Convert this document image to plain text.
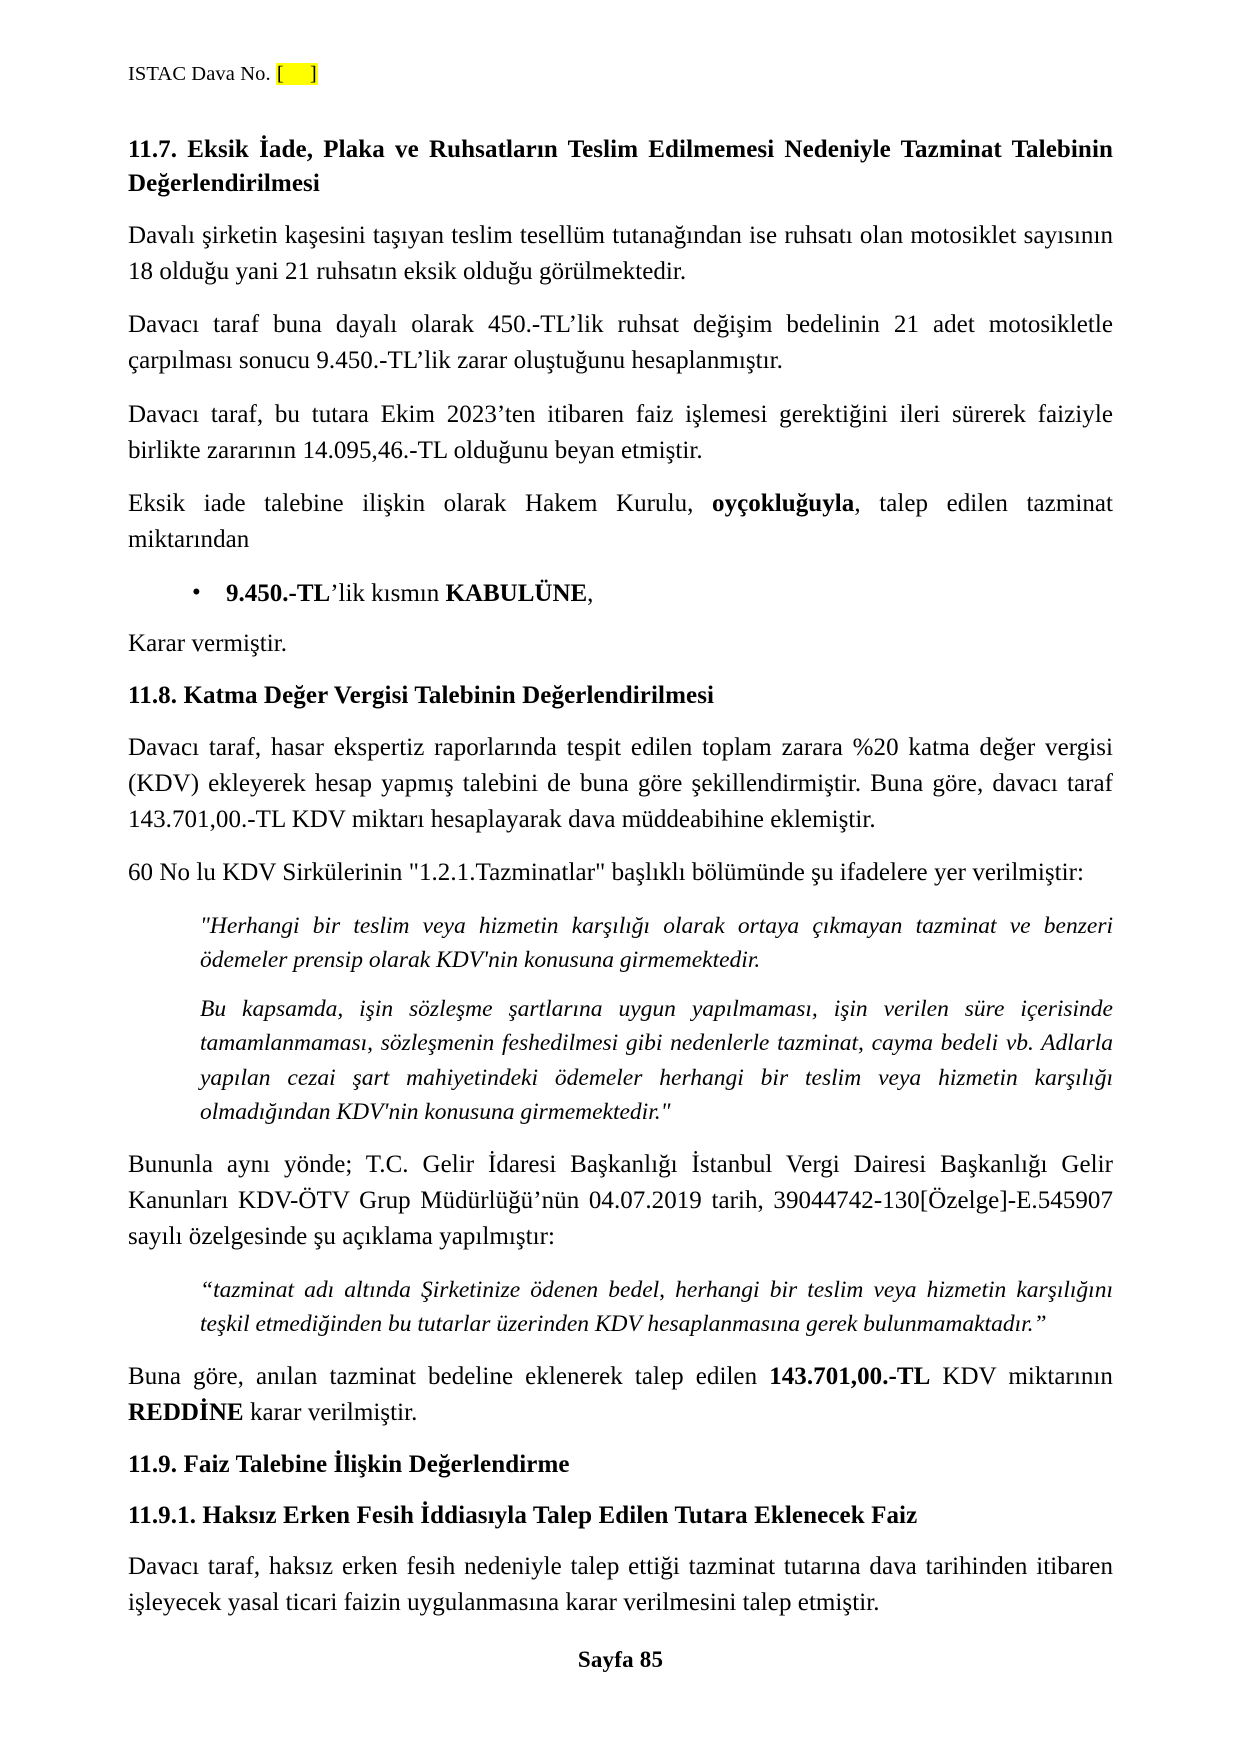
ISTAC Dava No. [ ]
11.7. Eksik İade, Plaka ve Ruhsatların Teslim Edilmemesi Nedeniyle Tazminat Talebinin Değerlendirilmesi

Davalı şirketin kaşesini taşıyan teslim tesellüm tutanağından ise ruhsatı olan motosiklet sayısının 18 olduğu yani 21 ruhsatın eksik olduğu görülmektedir.

Davacı taraf buna dayalı olarak 450.-TL’lik ruhsat değişim bedelinin 21 adet motosikletle çarpılması sonucu 9.450.-TL’lik zarar oluştuğunu hesaplanmıştır.

Davacı taraf, bu tutara Ekim 2023’ten itibaren faiz işlemesi gerektiğini ileri sürerek faiziyle birlikte zararının 14.095,46.-TL olduğunu beyan etmiştir.

Eksik iade talebine ilişkin olarak Hakem Kurulu, oyçokluğuyla, talep edilen tazminat miktarından

• 9.450.-TL’lik kısmın KABULÜNE,

Karar vermiştir.

11.8. Katma Değer Vergisi Talebinin Değerlendirilmesi

Davacı taraf, hasar ekspertiz raporlarında tespit edilen toplam zarara %20 katma değer vergisi (KDV) ekleyerek hesap yapmış talebini de buna göre şekillendirmiştir. Buna göre, davacı taraf 143.701,00.-TL KDV miktarı hesaplayarak dava müddeabihine eklemiştir.

60 No lu KDV Sirkülerinin "1.2.1.Tazminatlar" başlıklı bölümünde şu ifadelere yer verilmiştir:

"Herhangi bir teslim veya hizmetin karşılığı olarak ortaya çıkmayan tazminat ve benzeri ödemeler prensip olarak KDV'nin konusuna girmemektedir.

Bu kapsamda, işin sözleşme şartlarına uygun yapılmaması, işin verilen süre içerisinde tamamlanmaması, sözleşmenin feshedilmesi gibi nedenlerle tazminat, cayma bedeli vb. Adlarla yapılan cezai şart mahiyetindeki ödemeler herhangi bir teslim veya hizmetin karşılığı olmadığından KDV'nin konusuna girmemektedir."

Bununla aynı yönde; T.C. Gelir İdaresi Başkanlığı İstanbul Vergi Dairesi Başkanlığı Gelir Kanunları KDV-ÖTV Grup Müdürlüğü’nün 04.07.2019 tarih, 39044742-130[Özelge]-E.545907 sayılı özelgesinde şu açıklama yapılmıştır:

“tazminat adı altında Şirketinize ödenen bedel, herhangi bir teslim veya hizmetin karşılığını teşkil etmediğinden bu tutarlar üzerinden KDV hesaplanmasına gerek bulunmamaktadır.”

Buna göre, anılan tazminat bedeline eklenerek talep edilen 143.701,00.-TL KDV miktarının REDDİNE karar verilmiştir.

11.9. Faiz Talebine İlişkin Değerlendirme
11.9.1. Haksız Erken Fesih İddiasıyla Talep Edilen Tutara Eklenecek Faiz

Davacı taraf, haksız erken fesih nedeniyle talep ettiği tazminat tutarına dava tarihinden itibaren işleyecek yasal ticari faizin uygulanmasına karar verilmesini talep etmiştir.

Sayfa 85
